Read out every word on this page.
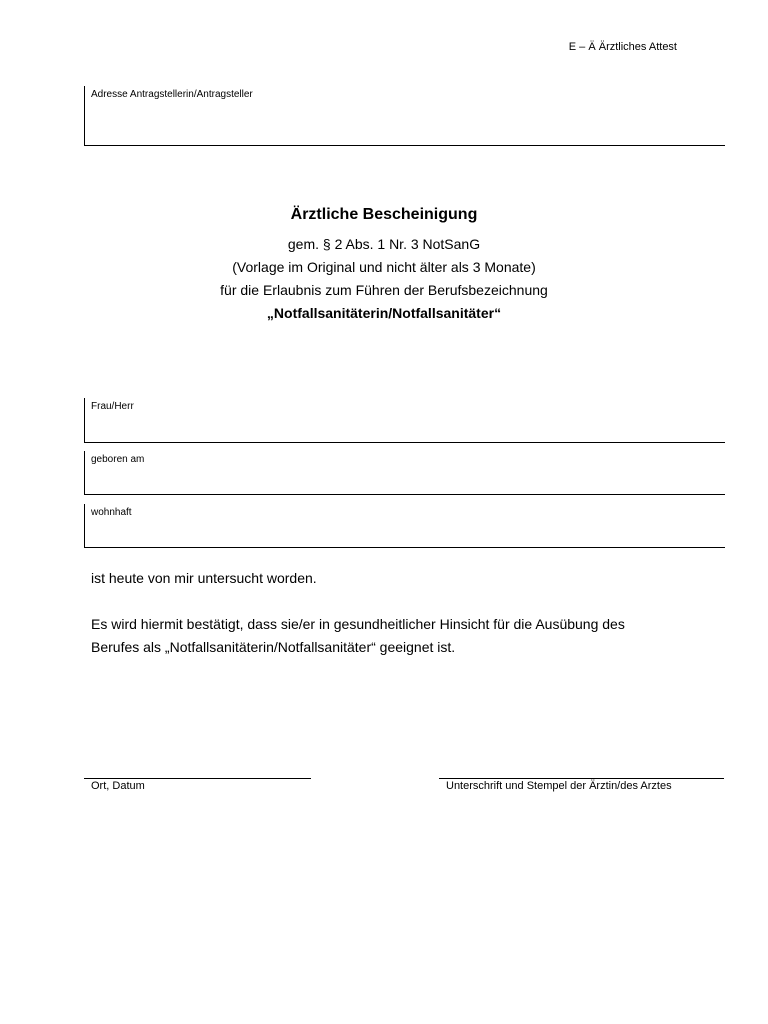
E – Ä Ärztliches Attest
Adresse Antragstellerin/Antragsteller
Ärztliche Bescheinigung
gem. § 2 Abs. 1 Nr. 3 NotSanG
(Vorlage im Original und nicht älter als 3 Monate)
für die Erlaubnis zum Führen der Berufsbezeichnung
„Notfallsanitäterin/Notfallsanitäter“
Frau/Herr
geboren am
wohnhaft
ist heute von mir untersucht worden.
Es wird hiermit bestätigt, dass sie/er in gesundheitlicher Hinsicht für die Ausübung des
Berufes als „Notfallsanitäterin/Notfallsanitäter“ geeignet ist.
Ort, Datum	Unterschrift und Stempel der Ärztin/des Arztes
